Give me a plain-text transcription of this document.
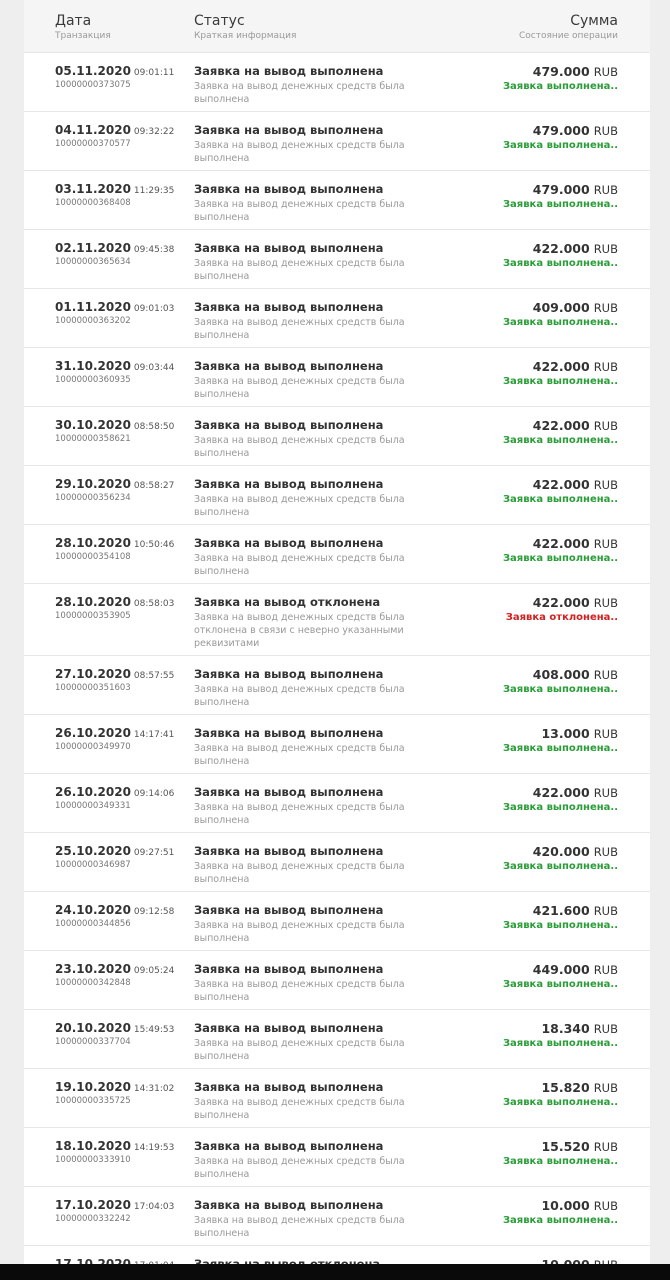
Дата
Транзакция
Статус
Краткая информация
Сумма
Состояние операции
05.11.2020 09:01:11
10000000373075
Заявка на вывод выполнена
Заявка на вывод денежных средств была выполнена
479.000 RUB
Заявка выполнена..
04.11.2020 09:32:22
10000000370577
Заявка на вывод выполнена
Заявка на вывод денежных средств была выполнена
479.000 RUB
Заявка выполнена..
03.11.2020 11:29:35
10000000368408
Заявка на вывод выполнена
Заявка на вывод денежных средств была выполнена
479.000 RUB
Заявка выполнена..
02.11.2020 09:45:38
10000000365634
Заявка на вывод выполнена
Заявка на вывод денежных средств была выполнена
422.000 RUB
Заявка выполнена..
01.11.2020 09:01:03
10000000363202
Заявка на вывод выполнена
Заявка на вывод денежных средств была выполнена
409.000 RUB
Заявка выполнена..
31.10.2020 09:03:44
10000000360935
Заявка на вывод выполнена
Заявка на вывод денежных средств была выполнена
422.000 RUB
Заявка выполнена..
30.10.2020 08:58:50
10000000358621
Заявка на вывод выполнена
Заявка на вывод денежных средств была выполнена
422.000 RUB
Заявка выполнена..
29.10.2020 08:58:27
10000000356234
Заявка на вывод выполнена
Заявка на вывод денежных средств была выполнена
422.000 RUB
Заявка выполнена..
28.10.2020 10:50:46
10000000354108
Заявка на вывод выполнена
Заявка на вывод денежных средств была выполнена
422.000 RUB
Заявка выполнена..
28.10.2020 08:58:03
10000000353905
Заявка на вывод отклонена
Заявка на вывод денежных средств была отклонена в связи с неверно указанными реквизитами
422.000 RUB
Заявка отклонена..
27.10.2020 08:57:55
10000000351603
Заявка на вывод выполнена
Заявка на вывод денежных средств была выполнена
408.000 RUB
Заявка выполнена..
26.10.2020 14:17:41
10000000349970
Заявка на вывод выполнена
Заявка на вывод денежных средств была выполнена
13.000 RUB
Заявка выполнена..
26.10.2020 09:14:06
10000000349331
Заявка на вывод выполнена
Заявка на вывод денежных средств была выполнена
422.000 RUB
Заявка выполнена..
25.10.2020 09:27:51
10000000346987
Заявка на вывод выполнена
Заявка на вывод денежных средств была выполнена
420.000 RUB
Заявка выполнена..
24.10.2020 09:12:58
10000000344856
Заявка на вывод выполнена
Заявка на вывод денежных средств была выполнена
421.600 RUB
Заявка выполнена..
23.10.2020 09:05:24
10000000342848
Заявка на вывод выполнена
Заявка на вывод денежных средств была выполнена
449.000 RUB
Заявка выполнена..
20.10.2020 15:49:53
10000000337704
Заявка на вывод выполнена
Заявка на вывод денежных средств была выполнена
18.340 RUB
Заявка выполнена..
19.10.2020 14:31:02
10000000335725
Заявка на вывод выполнена
Заявка на вывод денежных средств была выполнена
15.820 RUB
Заявка выполнена..
18.10.2020 14:19:53
10000000333910
Заявка на вывод выполнена
Заявка на вывод денежных средств была выполнена
15.520 RUB
Заявка выполнена..
17.10.2020 17:04:03
10000000332242
Заявка на вывод выполнена
Заявка на вывод денежных средств была выполнена
10.000 RUB
Заявка выполнена..
